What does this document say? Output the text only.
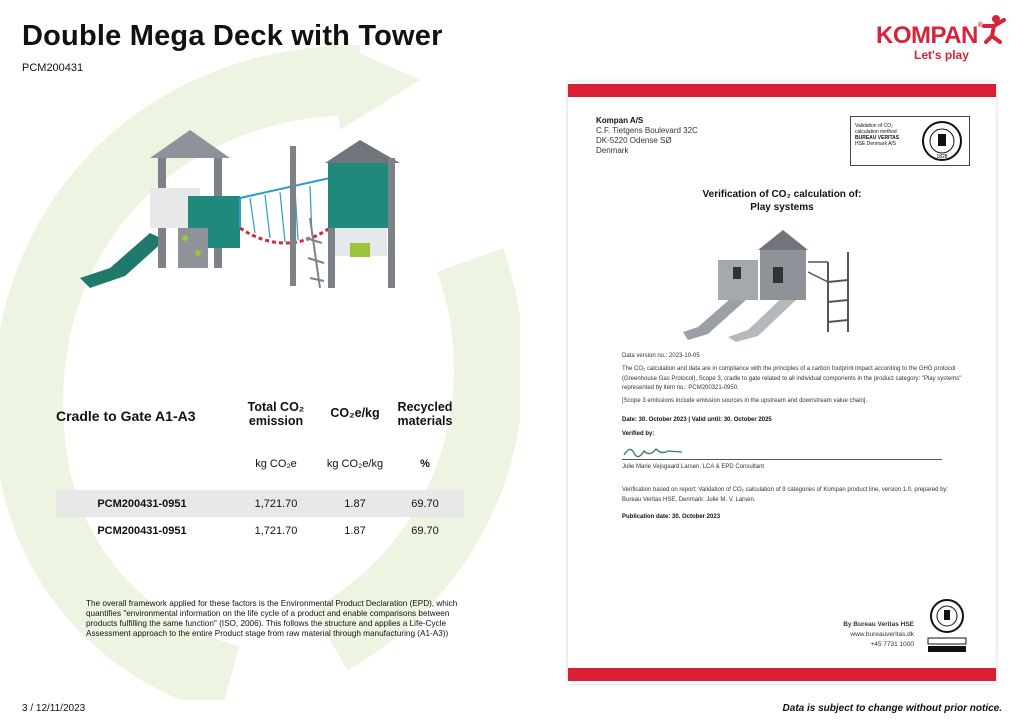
Double Mega Deck with Tower
PCM200431
KOMPAN®
Let's play
Cradle to Gate A1-A3	Total CO₂ emission	CO₂e/kg	Recycled materials
	kg CO₂e	kg CO₂e/kg	%

PCM200431-0951	1,721.70	1.87	69.70
PCM200431-0951	1,721.70	1.87	69.70
The overall framework applied for these factors is the Environmental Product Declaration (EPD), which quantifies "environmental information on the life cycle of a product and enable comparisons between products fulfilling the same function" (ISO, 2006). This follows the structure and applies a Life-Cycle Assessment approach to the entire Product stage from raw material through manufacturing (A1-A3))
3 / 12/11/2023	Data is subject to change without prior notice.
Kompan A/S
C.F. Tietgens Boulevard 32C
DK-5220 Odense SØ
Denmark
Validation of CO₂
calculation method
BUREAU VERITAS
HSE Denmark A/S
1828
Verification of CO₂ calculation of:
Play systems

Data version no.: 2023-10-05

The CO₂ calculation and data are in compliance with the principles of a carbon footprint impact according to the GHG protocol (Greenhouse Gas Protocol), Scope 3, cradle to gate related to all individual components in the product category: "Play systems" represented by item no.: PCM200321-0950.

[Scope 3 emissions include emission sources in the upstream and downstream value chain].

Date: 30. October 2023 | Valid until: 30. October 2025

Verified by:

Julie Marie Vejsgaard Larsen, LCA & EPD Consultant

Verification based on report: Validation of CO₂ calculation of 9 categories of Kompan product line, version 1.0, prepared by: Bureau Veritas HSE, Denmark: Julie M. V. Larsen.

Publication date: 30. October 2023

By Bureau Veritas HSE
www.bureauveritas.dk
+45 7731 1000
